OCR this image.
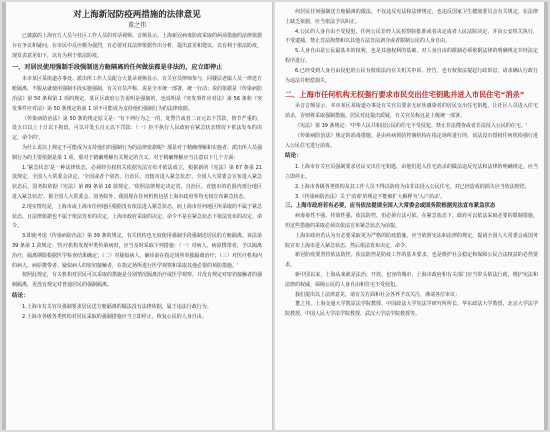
对上海新冠防疫两措施的法律意见
董之伟

已披露的上海官方人员与社区工作人员的对话视频、音频显示，上海新冠病毒防疫采取的两项措施的法律依据存在争议和疑问，在市民中反应颇为强烈，有必要对其法律依据作出分析，提出意见和建议，以有利于依法防疫。现发表意见如下，以有为利于依法防疫。

一、对居民使用强制手段强制送方舱隔离的任何做法都是非法的，应立即停止

本市某区某街道办事处、派出所工作人员配合大量录视频显示，有关官员律师参与，同楼层老媪人员一律送方舱隔离，不服从就使用强制手段实施强制，有关官员声称，说是全市统一部署，统一行动；说的依据是《传染病防治法》第 50 条和第 1 项的规定，某区区政府公告说明是强制的，也说明是《突发事件应对法》第 56 条和《突发事件应对法》第 50 条规定的第 1 项不可能成为支持他们强制行为的法律依据。

《传染病防治法》第 50 条的规定原文是：'有下列行为之一的，处警告或者二百元以下罚款，情节严重的，处五日以上十日以下拘留，可以并处五百元以下罚款：（一）拒不执行人民政府在紧急状态情况下依法发布的决定、命令的'。

为什么说以上规定不可能成为支持他们的强制行为的法律依据呢？那是对于精确理解和实施者，派出所人员强制行为的主要依据是第 1 项，那对于精确理解有关规定的含义，对于精确理解应当注意以下几个方面：

1.'紧急状态'是一种法律状态，必须经有权机关依据宪法宣布才依法成立，根据新的《宪法》第 67 条第 21 款规定，全国人大常委会决定，'全国或者个别省、自治区、直辖市进入紧急状态'。全国人大常委会宣布进入紧急状态后，国务院依据《宪法》第 89 条第 16 款规定，'依照法律规定决定省、自治区、直辖市的范围内部分地区进入紧急状态'。据全国人大常委会、国务院外，我国现在任何机构包括上海市政府等均无权宣布紧急状态。

2.现实情况是，上海市或上海市任何地区根据没有依法进入紧急状态，而上海市任何地区所采取的不属于紧急状态，且法律依据也不属于依法发布的决定。上海市政府采取的决定、命令不是在紧急状态下依法发布的决定、命令。

3.即使考虑《传染病防治法》第 39 条的规定，有关机构也无权使用强制手段强制送居民的方舱隔离。该法第 39 条第 1 款规定：'医疗机构发现甲类传染病时，应当及时采取下列措施：（一）对病人、病原携带者，予以隔离治疗，隔离期限根据医学检查结果确定；（二）对疑似病人，确诊前在指定场所单独隔离治疗；（三）对医疗机构内的病人、病原携带者、疑似病人的密切接触者，在指定场所进行医学观察和采取其他必要的预防措施。'

按照此规定，有关机构对居民可以采取的措施是分别情况隔离治疗或医学观察，并没有规定对密切接触者的强制隔离，更没有规定对普通居民的强制隔离。

结论：

1.上海市有关官员强制要求居民送方舱隔离的做法没有法律依据，属于违法行政行为。

2.上海市各级各类机构对居民采取的强制措施应当立即停止，恢复公民的人身自由。

何居民任何强制送方舱隔离的做法，不仅违反宪法和法律规定，也违反国家卫生健康委员会有关规定，在法律上缺乏依据，应当依法予以纠正。

4.公民的人身自由不受侵犯，任何公民非经人民检察院批准或者决定或者人民法院决定，并由公安机关执行，不受逮捕。禁止非法拘禁和以其他方法非法剥夺或者限制公民的人身自由。

5.人身自由是公民最基本的权利，也是其他权利的基础，对人身自由的限制必须依据法律的明确规定并经法定程序进行。

6.已经受到人身自由侵犯的公民有权依法向有关机关申诉、控告，也有权依法提起行政诉讼，请求确认行政行为违法并赔偿损失。

二、上海市任何机构无权强行要求市民交出住宅钥匙并进入市民住宅“消杀”

录音音频显示，本市某区某街道办事处有关官员要求无症状感染者的居民交出住宅钥匙，让社区人员进入住宅消杀，否则将采取强制措施。居民对此提出质疑，有关官员称这是上级统一部署。

《宪法》第 39 条规定：'中华人民共和国公民的住宅不受侵犯。禁止非法搜查或者非法侵入公民的住宅。'

《传染病防治法》规定的消毒措施，是由疾病预防控制机构在指定场所进行的，该法没有授权任何机构强行进入公民住宅进行消毒。

结论：

1.上海市有关官员强制要求居民交出住宅钥匙、由他们进入住宅消杀的做法违反宪法和法律的明确规定，应当立即停止。

2.上海市各级各类机构及其工作人员不得以防疫为由非法侵入公民住宅，对已经造成的损失应当依法赔偿。

3.《传染病防治法》关于'消毒'的规定不能被扩大解释为'入户消杀'。

三、上海市政府若有必要，应当依法提请全国人大常委会或国务院根据宪法宣布紧急状态

病毒毒性不强，传染性强，依法防控，但必须有法可依。在紧急状态下，政府可以依法采取必要的限制措施，但这些措施的采取必须以依法宣布紧急状态为前提。

上海市政府若认为有必要采取更为严格的防疫措施，应当依照宪法和法律的规定，提请全国人大常委会或国务院宣布上海市进入紧急状态，然后依法发布决定、命令。

新冠防疫要坚持依法防控，依法防控是防疫工作的基本要求，也是维护社会稳定和保障公民合法权益的必然要求。

新中国以来，上海从来就是法治、开放、包容的城市，上海市政府和有关部门应当带头依法行政，维护宪法和法律的权威，保障公民的人身自由和住宅不受侵犯。

我们提出以上法律意见，请有关方面和社会各界予以关注，谨请各位审议：

董之伟，上海交通大学凯原法学院教授、中国政法大学宪法学研究所所长、华东政法大学教授、北京大学法学院教授、中国人民大学法学院教授、武汉大学法学院教授等。
